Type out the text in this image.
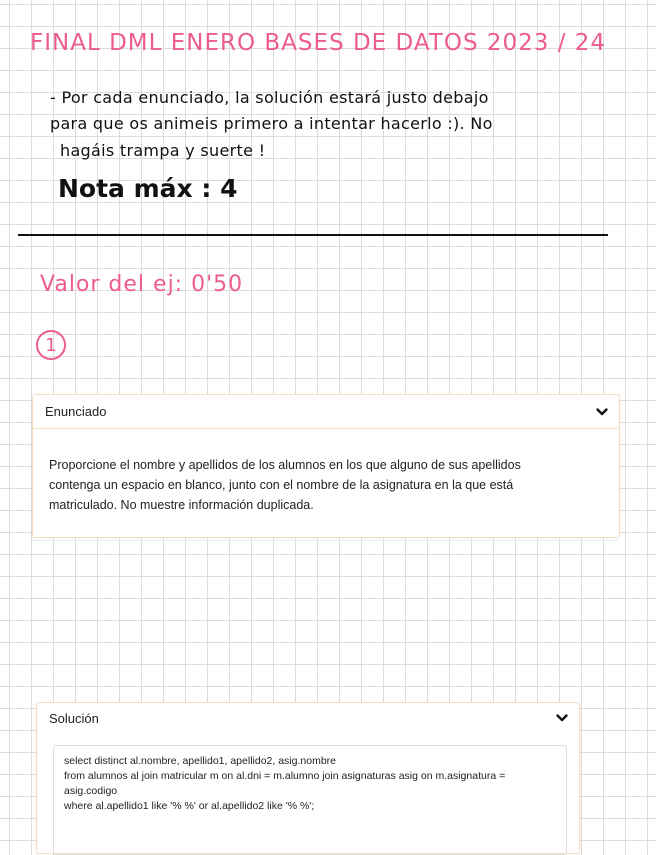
FINAL DML ENERO BASES DE DATOS 2023 / 24
- Por cada enunciado, la solución estará justo debajo
para que os animeis primero a intentar hacerlo :). No
hagáis trampa y suerte !
Nota máx : 4
Valor del ej: 0'50
1
Enunciado
Proporcione el nombre y apellidos de los alumnos en los que alguno de sus apellidos
contenga un espacio en blanco, junto con el nombre de la asignatura en la que está
matriculado. No muestre información duplicada.
Solución
select distinct al.nombre, apellido1, apellido2, asig.nombre
from alumnos al join matricular m on al.dni = m.alumno join asignaturas asig on m.asignatura =
asig.codigo
where al.apellido1 like '% %' or al.apellido2 like '% %';
